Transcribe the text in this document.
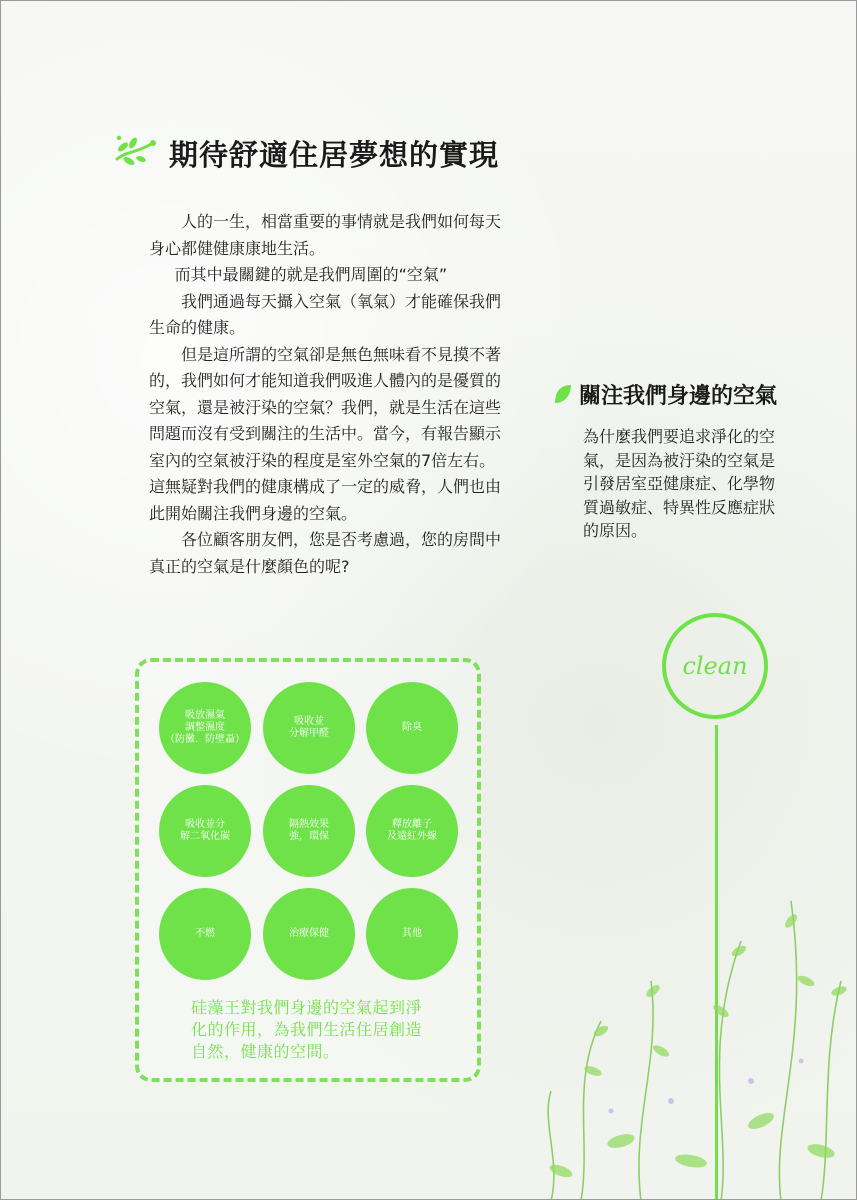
期待舒適住居夢想的實現

人的一生，相當重要的事情就是我們如何每天身心都健健康康地生活。

而其中最關鍵的就是我們周圍的“空氣”

我們通過每天攝入空氣（氧氣）才能確保我們生命的健康。

但是這所謂的空氣卻是無色無味看不見摸不著的，我們如何才能知道我們吸進人體內的是優質的空氣，還是被汙染的空氣？我們，就是生活在這些問題而沒有受到關注的生活中。當今，有報告顯示室內的空氣被汙染的程度是室外空氣的7倍左右。這無疑對我們的健康構成了一定的威脅，人們也由此開始關注我們身邊的空氣。

各位顧客朋友們，您是否考慮過，您的房間中真正的空氣是什麼顏色的呢?

關注我們身邊的空氣

為什麼我們要追求淨化的空氣，是因為被汙染的空氣是引發居室亞健康症、化學物質過敏症、特異性反應症狀的原因。

clean
吸放濕氣
調整濕度
（防黴．防壁蝨）
吸收並
分解甲醛
除臭
吸收並分
解二氧化碳
隔熱效果
強，環保
釋放離子
及遠紅外線
不燃	治療保健	其他

硅藻王對我們身邊的空氣起到淨化的作用，為我們生活住居創造自然，健康的空間。
